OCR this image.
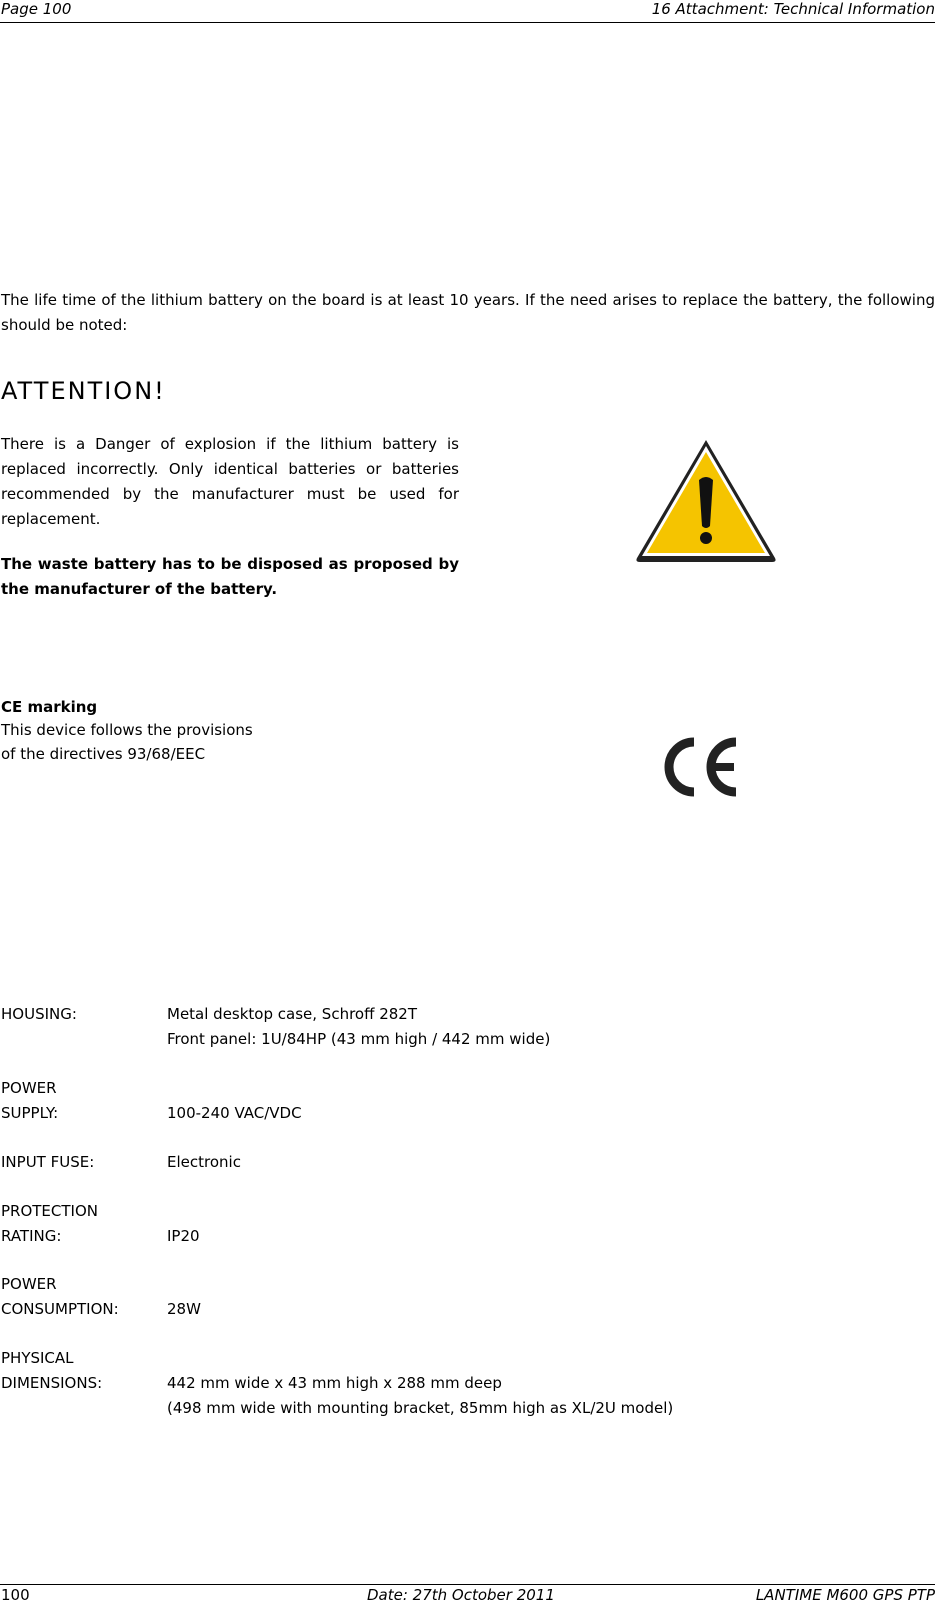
Page 100	16 Attachment: Technical Information
The life time of the lithium battery on the board is at least 10 years. If the need arises to replace the battery, the following should be noted:
ATTENTION!
There is a Danger of explosion if the lithium battery is replaced incorrectly. Only identical batteries or batteries recommended by the manufacturer must be used for replacement.
The waste battery has to be disposed as proposed by the manufacturer of the battery.
CE marking
This device follows the provisions
of the directives 93/68/EEC
HOUSING:	Metal desktop case, Schroff 282T
Front panel: 1U/84HP (43 mm high / 442 mm wide)
POWER
SUPPLY:	100-240 VAC/VDC
INPUT FUSE:	Electronic
PROTECTION
RATING:	IP20
POWER
CONSUMPTION:	28W
PHYSICAL
DIMENSIONS:	442 mm wide x 43 mm high x 288 mm deep
(498 mm wide with mounting bracket, 85mm high as XL/2U model)
100	Date: 27th October 2011	LANTIME M600 GPS PTP
